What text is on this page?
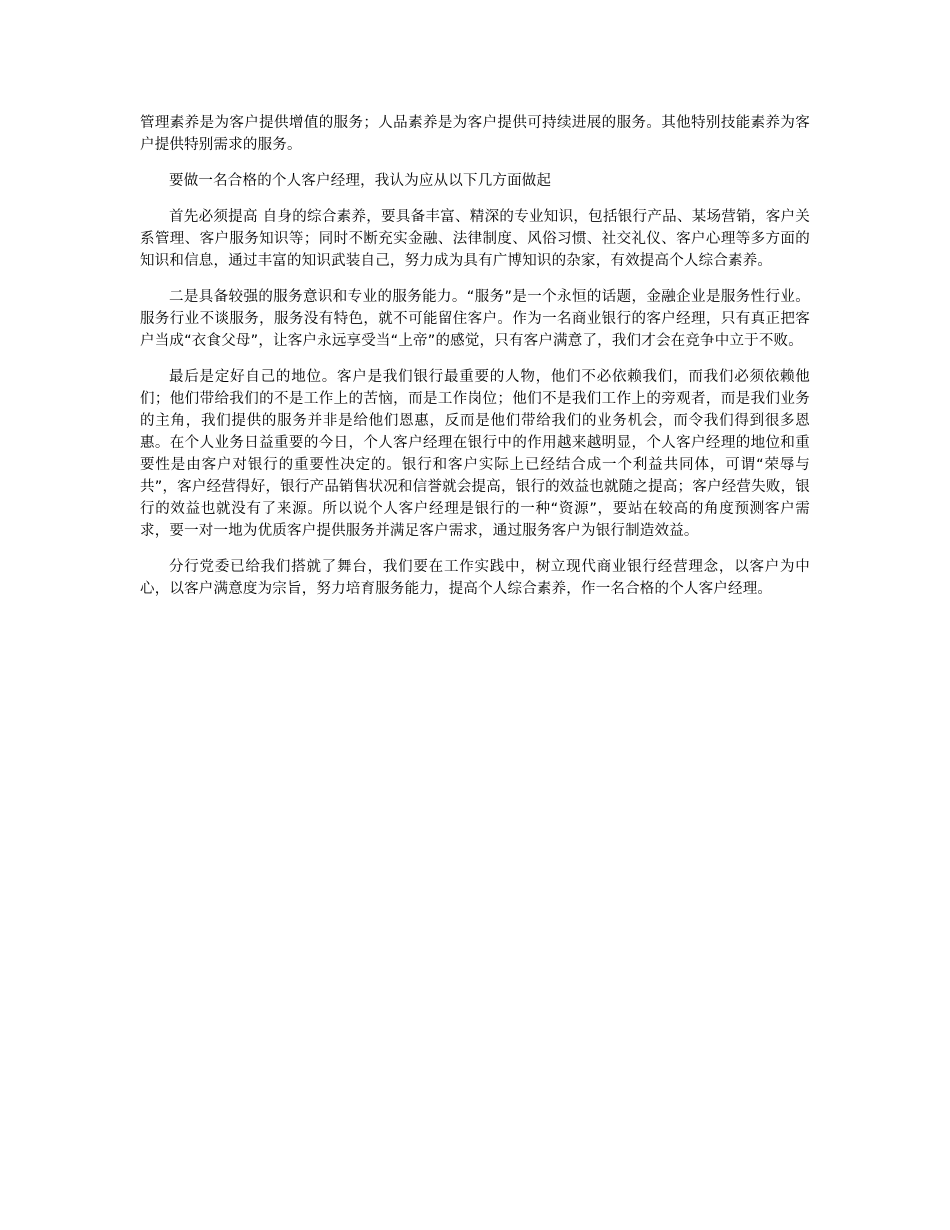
管理素养是为客户提供增值的服务；人品素养是为客户提供可持续进展的服务。其他特别技能素养为客户提供特别需求的服务。

要做一名合格的个人客户经理，我认为应从以下几方面做起

首先必须提高 自身的综合素养，要具备丰富、精深的专业知识，包括银行产品、某场营销，客户关系管理、客户服务知识等；同时不断充实金融、法律制度、风俗习惯、社交礼仪、客户心理等多方面的知识和信息，通过丰富的知识武装自己，努力成为具有广博知识的杂家，有效提高个人综合素养。

二是具备较强的服务意识和专业的服务能力。“服务”是一个永恒的话题，金融企业是服务性行业。服务行业不谈服务，服务没有特色，就不可能留住客户。作为一名商业银行的客户经理，只有真正把客户当成“衣食父母”，让客户永远享受当“上帝”的感觉，只有客户满意了，我们才会在竞争中立于不败。

最后是定好自己的地位。客户是我们银行最重要的人物，他们不必依赖我们，而我们必须依赖他们；他们带给我们的不是工作上的苦恼，而是工作岗位；他们不是我们工作上的旁观者，而是我们业务的主角，我们提供的服务并非是给他们恩惠，反而是他们带给我们的业务机会，而令我们得到很多恩惠。在个人业务日益重要的今日，个人客户经理在银行中的作用越来越明显，个人客户经理的地位和重要性是由客户对银行的重要性决定的。银行和客户实际上已经结合成一个利益共同体，可谓“荣辱与共”，客户经营得好，银行产品销售状况和信誉就会提高，银行的效益也就随之提高；客户经营失败，银行的效益也就没有了来源。所以说个人客户经理是银行的一种“资源”，要站在较高的角度预测客户需求，要一对一地为优质客户提供服务并满足客户需求，通过服务客户为银行制造效益。

分行党委已给我们搭就了舞台，我们要在工作实践中，树立现代商业银行经营理念，以客户为中心，以客户满意度为宗旨，努力培育服务能力，提高个人综合素养，作一名合格的个人客户经理。
